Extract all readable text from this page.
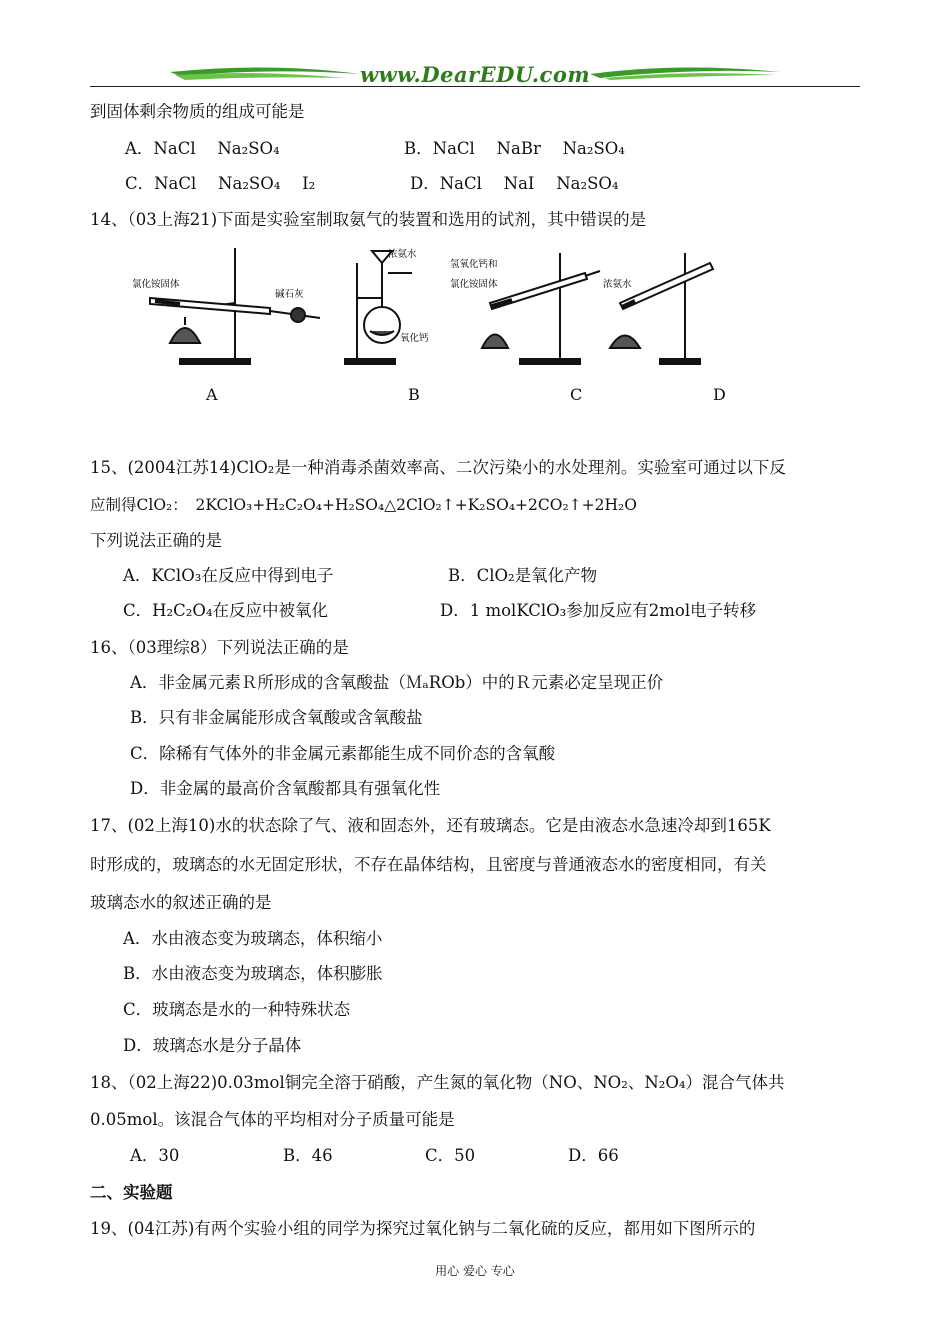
www.DearEDU.com
到固体剩余物质的组成可能是
A．NaCl　 Na₂SO₄	B．NaCl　 NaBr　 Na₂SO₄
C．NaCl　 Na₂SO₄　 I₂	D．NaCl　 NaI　 Na₂SO₄
14、（03上海21)下面是实验室制取氨气的装置和选用的试剂，其中错误的是
氯化铵固体
碱石灰
浓氨水
氧化钙
氢氧化钙和
氯化铵固体	浓氨水
A	B	C	D
15、(2004江苏14)ClO₂是一种消毒杀菌效率高、二次污染小的水处理剂。实验室可通过以下反
应制得ClO₂：　2KClO₃+H₂C₂O₄+H₂SO₄△2ClO₂↑+K₂SO₄+2CO₂↑+2H₂O
下列说法正确的是
A．KClO₃在反应中得到电子	B．ClO₂是氧化产物
C．H₂C₂O₄在反应中被氧化	D．1 molKClO₃参加反应有2mol电子转移
16、（03理综8）下列说法正确的是
A．非金属元素Ｒ所形成的含氧酸盐（ＭₐROb）中的Ｒ元素必定呈现正价
B．只有非金属能形成含氧酸或含氧酸盐
C．除稀有气体外的非金属元素都能生成不同价态的含氧酸
D．非金属的最高价含氧酸都具有强氧化性
17、(02上海10)水的状态除了气、液和固态外，还有玻璃态。它是由液态水急速冷却到165K
时形成的，玻璃态的水无固定形状，不存在晶体结构，且密度与普通液态水的密度相同，有关
玻璃态水的叙述正确的是
A．水由液态变为玻璃态，体积缩小
B．水由液态变为玻璃态，体积膨胀
C．玻璃态是水的一种特殊状态
D．玻璃态水是分子晶体
18、（02上海22)0.03mol铜完全溶于硝酸，产生氮的氧化物（NO、NO₂、N₂O₄）混合气体共
0.05mol。该混合气体的平均相对分子质量可能是
A．30	B．46	C．50	D．66
二、实验题
19、(04江苏)有两个实验小组的同学为探究过氧化钠与二氧化硫的反应，都用如下图所示的
用心 爱心 专心
